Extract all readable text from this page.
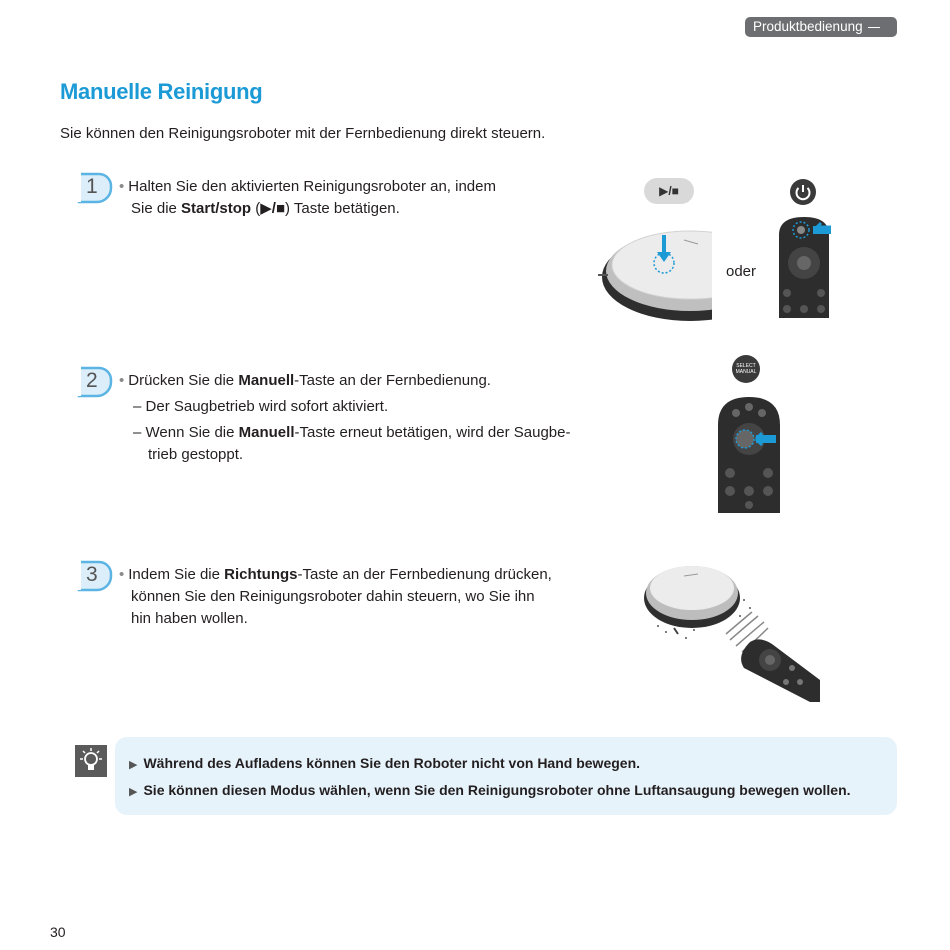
Produktbedienung
Manuelle Reinigung
Sie können den Reinigungsroboter mit der Fernbedienung direkt steuern.
1 • Halten Sie den aktivierten Reinigungsroboter an, indem
Sie die Start/stop (▶/■) Taste betätigen.
▶/■
oder
2 • Drücken Sie die Manuell-Taste an der Fernbedienung.
– Der Saugbetrieb wird sofort aktiviert.
– Wenn Sie die Manuell-Taste erneut betätigen, wird der Saugbe-
trieb gestoppt.
SELECT
MANUAL
3 • Indem Sie die Richtungs-Taste an der Fernbedienung drücken,
können Sie den Reinigungsroboter dahin steuern, wo Sie ihn
hin haben wollen.
▶ Während des Aufladens können Sie den Roboter nicht von Hand bewegen.
▶ Sie können diesen Modus wählen, wenn Sie den Reinigungsroboter ohne Luftansaugung bewegen wollen.
30
